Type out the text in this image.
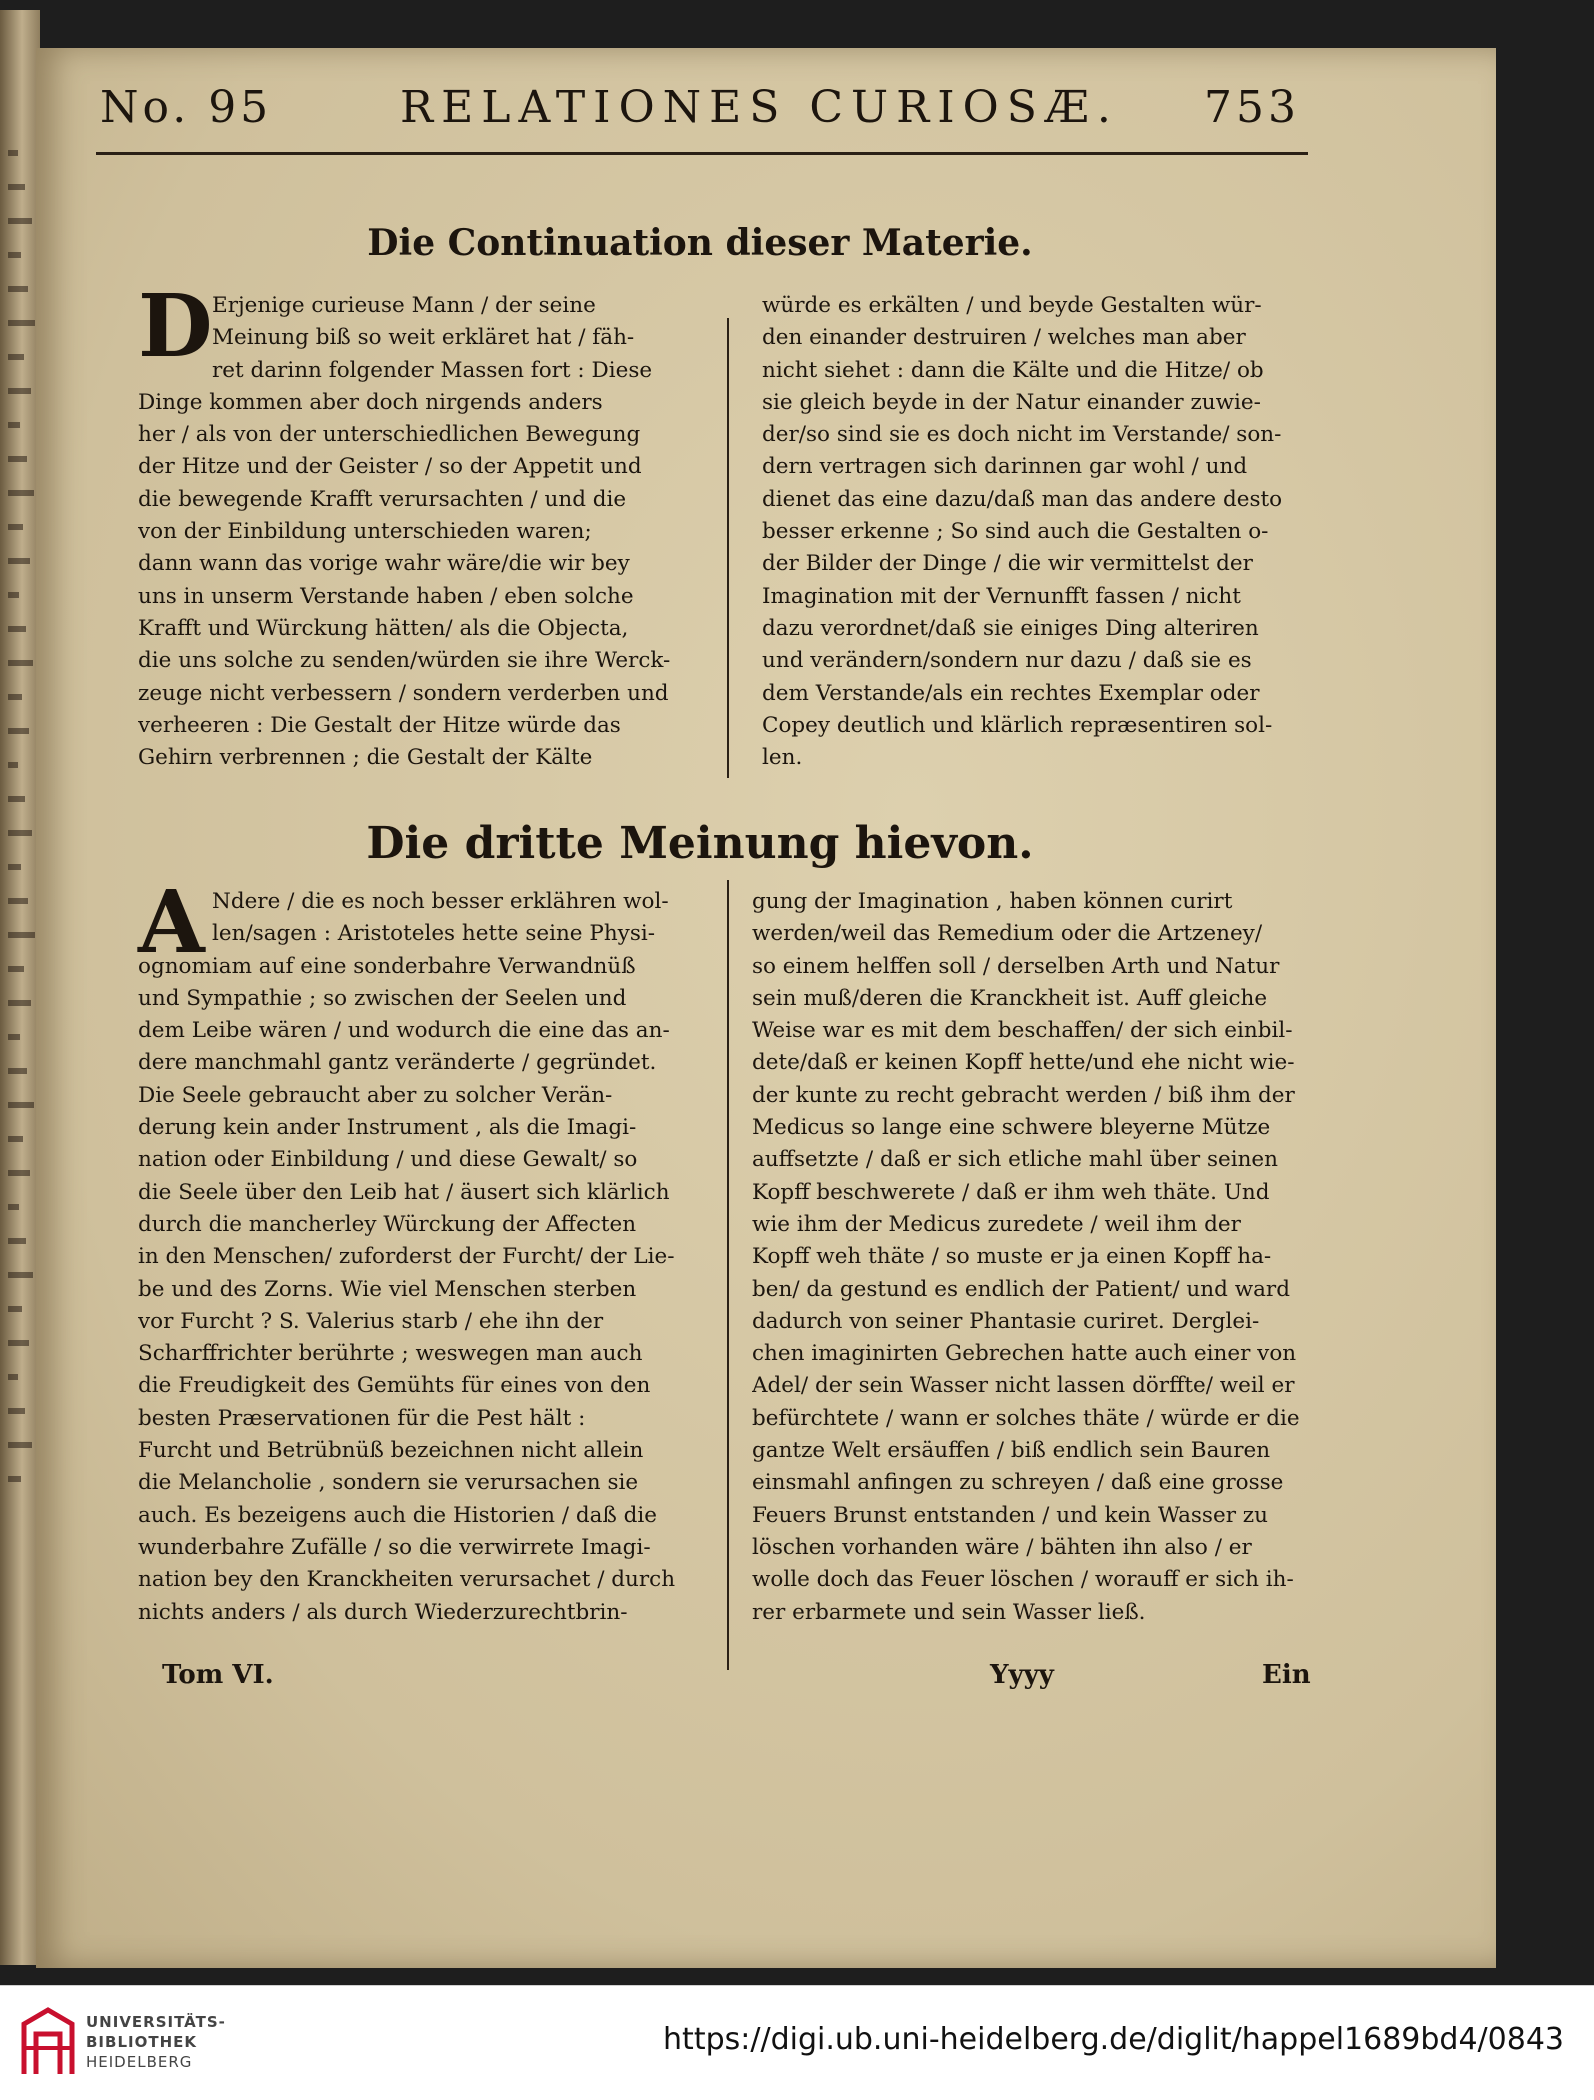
No. 95	RELATIONES CURIOSÆ. 753
Die Continuation dieser Materie.
D Erjenige curieuse Mann / der seine
Meinung biß so weit erkläret hat / fäh-
ret darinn folgender Massen fort : Diese
Dinge kommen aber doch nirgends anders
her / als von der unterschiedlichen Bewegung
der Hitze und der Geister / so der Appetit und
die bewegende Krafft verursachten / und die
von der Einbildung unterschieden waren;
dann wann das vorige wahr wäre/die wir bey
uns in unserm Verstande haben / eben solche
Krafft und Würckung hätten/ als die Objecta,
die uns solche zu senden/würden sie ihre Werck-
zeuge nicht verbessern / sondern verderben und
verheeren : Die Gestalt der Hitze würde das
Gehirn verbrennen ; die Gestalt der Kälte
würde es erkälten / und beyde Gestalten wür-
den einander destruiren / welches man aber
nicht siehet : dann die Kälte und die Hitze/ ob
sie gleich beyde in der Natur einander zuwie-
der/so sind sie es doch nicht im Verstande/ son-
dern vertragen sich darinnen gar wohl / und
dienet das eine dazu/daß man das andere desto
besser erkenne ; So sind auch die Gestalten o-
der Bilder der Dinge / die wir vermittelst der
Imagination mit der Vernunfft fassen / nicht
dazu verordnet/daß sie einiges Ding alteriren
und verändern/sondern nur dazu / daß sie es
dem Verstande/als ein rechtes Exemplar oder
Copey deutlich und klärlich repræsentiren sol-
len.
Die dritte Meinung hievon.
A Ndere / die es noch besser erklähren wol-
len/sagen : Aristoteles hette seine Physi-
ognomiam auf eine sonderbahre Verwandnüß
und Sympathie ; so zwischen der Seelen und
dem Leibe wären / und wodurch die eine das an-
dere manchmahl gantz veränderte / gegründet.
Die Seele gebraucht aber zu solcher Verän-
derung kein ander Instrument , als die Imagi-
nation oder Einbildung / und diese Gewalt/ so
die Seele über den Leib hat / äusert sich klärlich
durch die mancherley Würckung der Affecten
in den Menschen/ zuforderst der Furcht/ der Lie-
be und des Zorns. Wie viel Menschen sterben
vor Furcht ? S. Valerius starb / ehe ihn der
Scharffrichter berührte ; weswegen man auch
die Freudigkeit des Gemühts für eines von den
besten Præservationen für die Pest hält :
Furcht und Betrübnüß bezeichnen nicht allein
die Melancholie , sondern sie verursachen sie
auch. Es bezeigens auch die Historien / daß die
wunderbahre Zufälle / so die verwirrete Imagi-
nation bey den Kranckheiten verursachet / durch
nichts anders / als durch Wiederzurechtbrin-
gung der Imagination , haben können curirt
werden/weil das Remedium oder die Artzeney/
so einem helffen soll / derselben Arth und Natur
sein muß/deren die Kranckheit ist. Auff gleiche
Weise war es mit dem beschaffen/ der sich einbil-
dete/daß er keinen Kopff hette/und ehe nicht wie-
der kunte zu recht gebracht werden / biß ihm der
Medicus so lange eine schwere bleyerne Mütze
auffsetzte / daß er sich etliche mahl über seinen
Kopff beschwerete / daß er ihm weh thäte. Und
wie ihm der Medicus zuredete / weil ihm der
Kopff weh thäte / so muste er ja einen Kopff ha-
ben/ da gestund es endlich der Patient/ und ward
dadurch von seiner Phantasie curiret. Derglei-
chen imaginirten Gebrechen hatte auch einer von
Adel/ der sein Wasser nicht lassen dörffte/ weil er
befürchtete / wann er solches thäte / würde er die
gantze Welt ersäuffen / biß endlich sein Bauren
einsmahl anfingen zu schreyen / daß eine grosse
Feuers Brunst entstanden / und kein Wasser zu
löschen vorhanden wäre / bähten ihn also / er
wolle doch das Feuer löschen / worauff er sich ih-
rer erbarmete und sein Wasser ließ.
Tom VI.	Yyyy	Ein
UNIVERSITÄTS-
BIBLIOTHEK
HEIDELBERG
https://digi.ub.uni-heidelberg.de/diglit/happel1689bd4/0843
